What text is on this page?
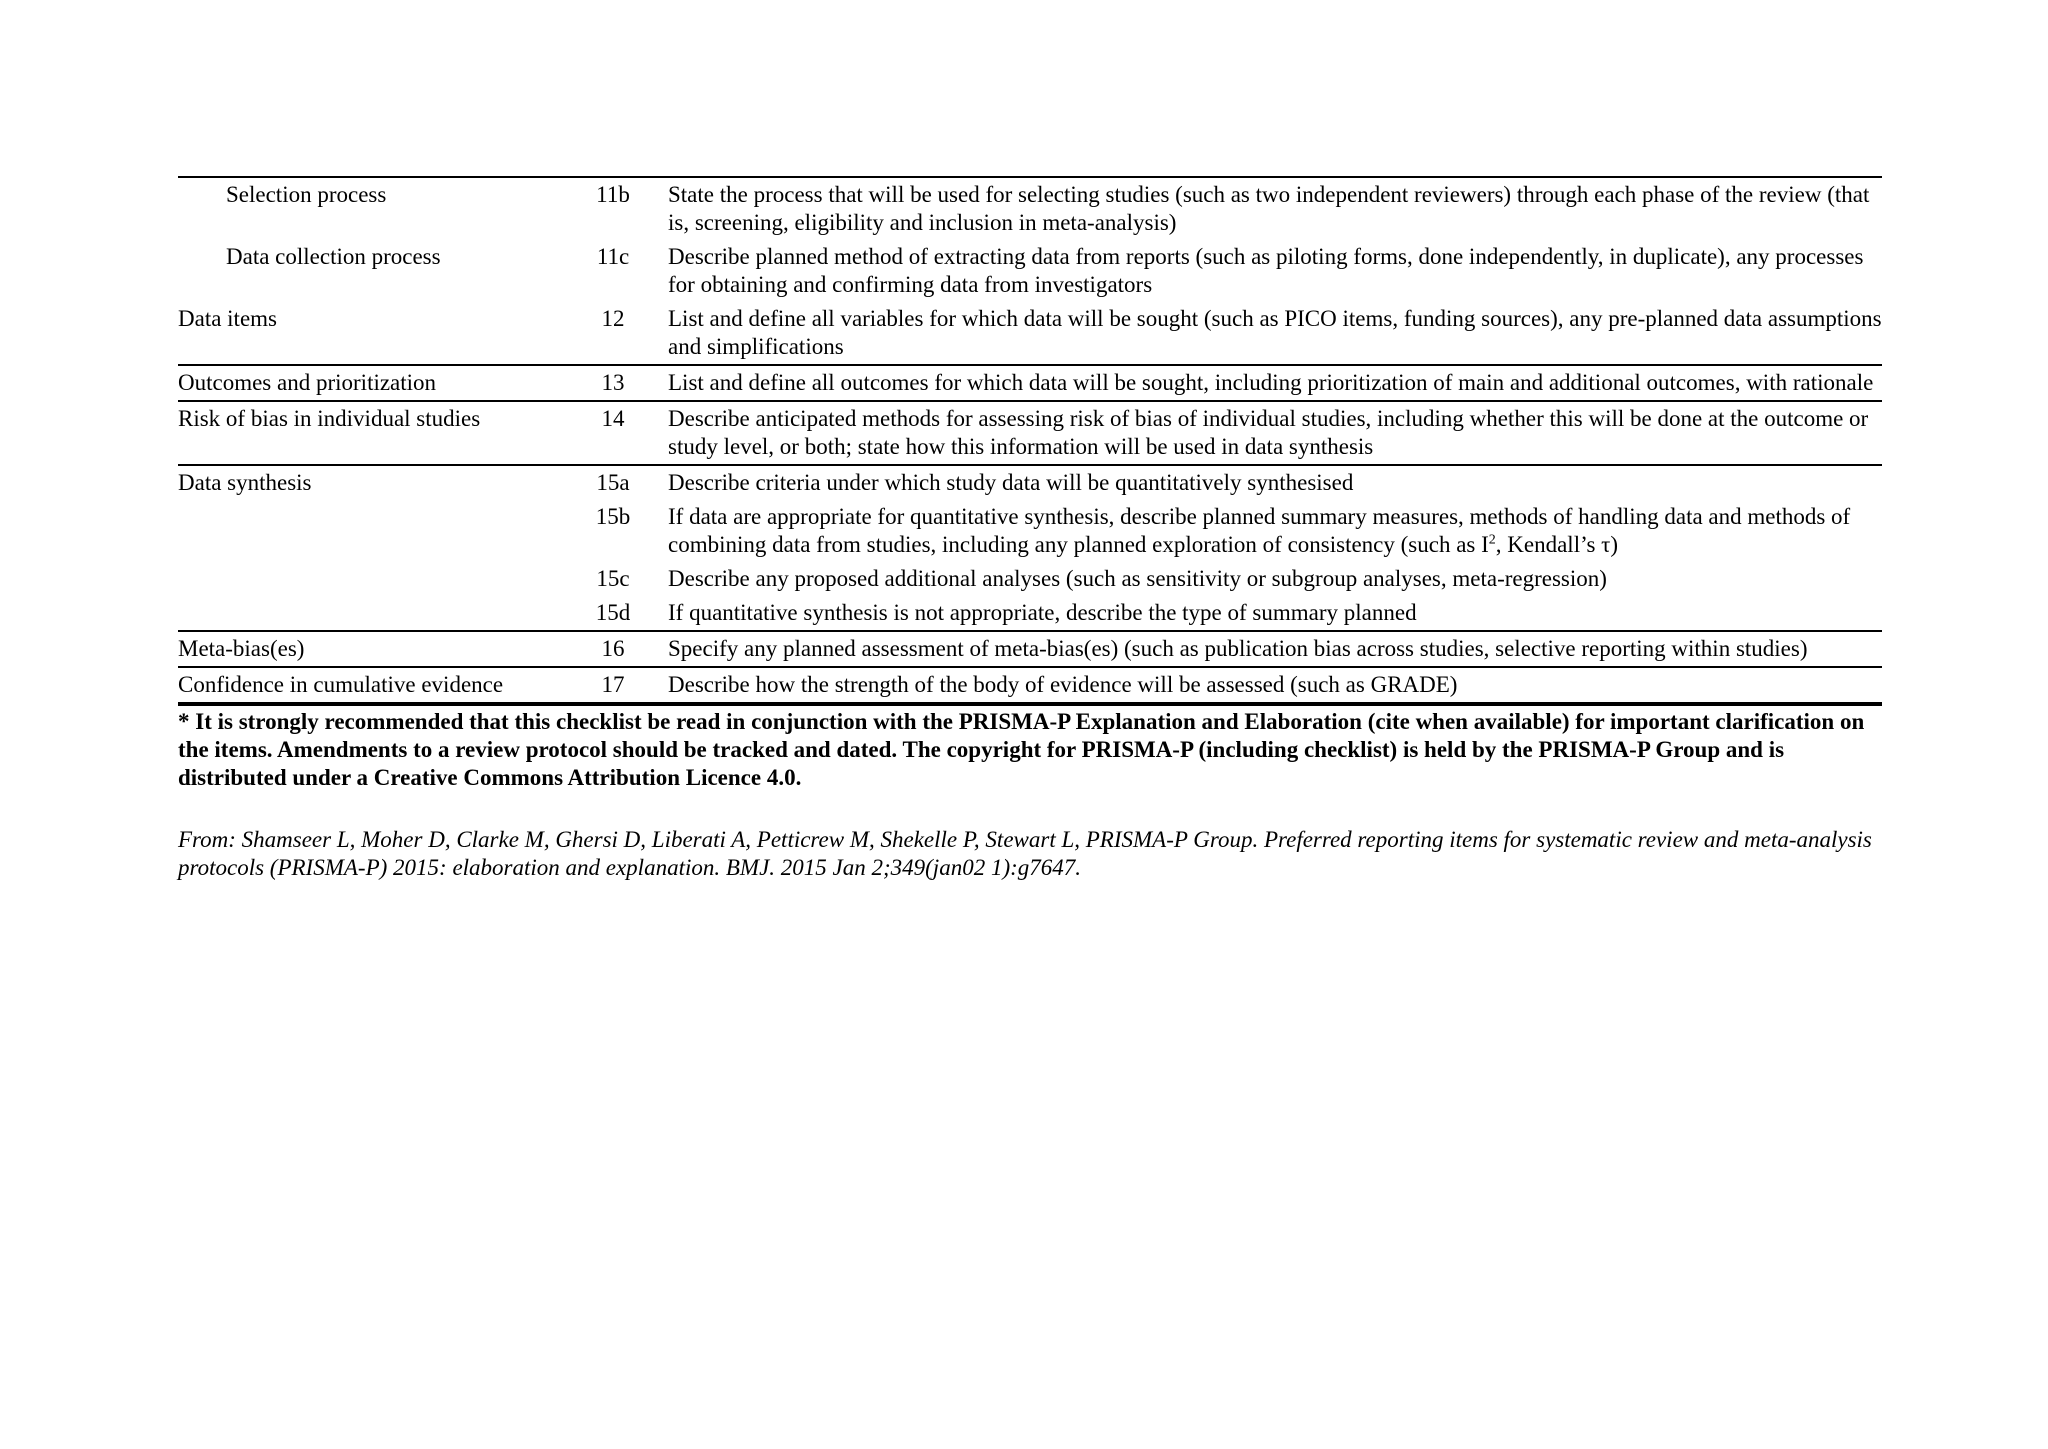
Selection process	11b	State the process that will be used for selecting studies (such as two independent reviewers) through each phase of the review (that is, screening, eligibility and inclusion in meta-analysis)
Data collection process	11c	Describe planned method of extracting data from reports (such as piloting forms, done independently, in duplicate), any processes for obtaining and confirming data from investigators
Data items	12	List and define all variables for which data will be sought (such as PICO items, funding sources), any pre-planned data assumptions and simplifications
Outcomes and prioritization	13	List and define all outcomes for which data will be sought, including prioritization of main and additional outcomes, with rationale
Risk of bias in individual studies	14	Describe anticipated methods for assessing risk of bias of individual studies, including whether this will be done at the outcome or study level, or both; state how this information will be used in data synthesis
Data synthesis	15a	Describe criteria under which study data will be quantitatively synthesised
	15b	If data are appropriate for quantitative synthesis, describe planned summary measures, methods of handling data and methods of combining data from studies, including any planned exploration of consistency (such as $I^2$, Kendall’s τ)
	15c	Describe any proposed additional analyses (such as sensitivity or subgroup analyses, meta-regression)
	15d	If quantitative synthesis is not appropriate, describe the type of summary planned
Meta-bias(es)	16	Specify any planned assessment of meta-bias(es) (such as publication bias across studies, selective reporting within studies)
Confidence in cumulative evidence	17	Describe how the strength of the body of evidence will be assessed (such as GRADE)
* It is strongly recommended that this checklist be read in conjunction with the PRISMA-P Explanation and Elaboration (cite when available) for important clarification on the items. Amendments to a review protocol should be tracked and dated. The copyright for PRISMA-P (including checklist) is held by the PRISMA-P Group and is distributed under a Creative Commons Attribution Licence 4.0.
From: Shamseer L, Moher D, Clarke M, Ghersi D, Liberati A, Petticrew M, Shekelle P, Stewart L, PRISMA-P Group. Preferred reporting items for systematic review and meta-analysis protocols (PRISMA-P) 2015: elaboration and explanation. BMJ. 2015 Jan 2;349(jan02 1):g7647.
